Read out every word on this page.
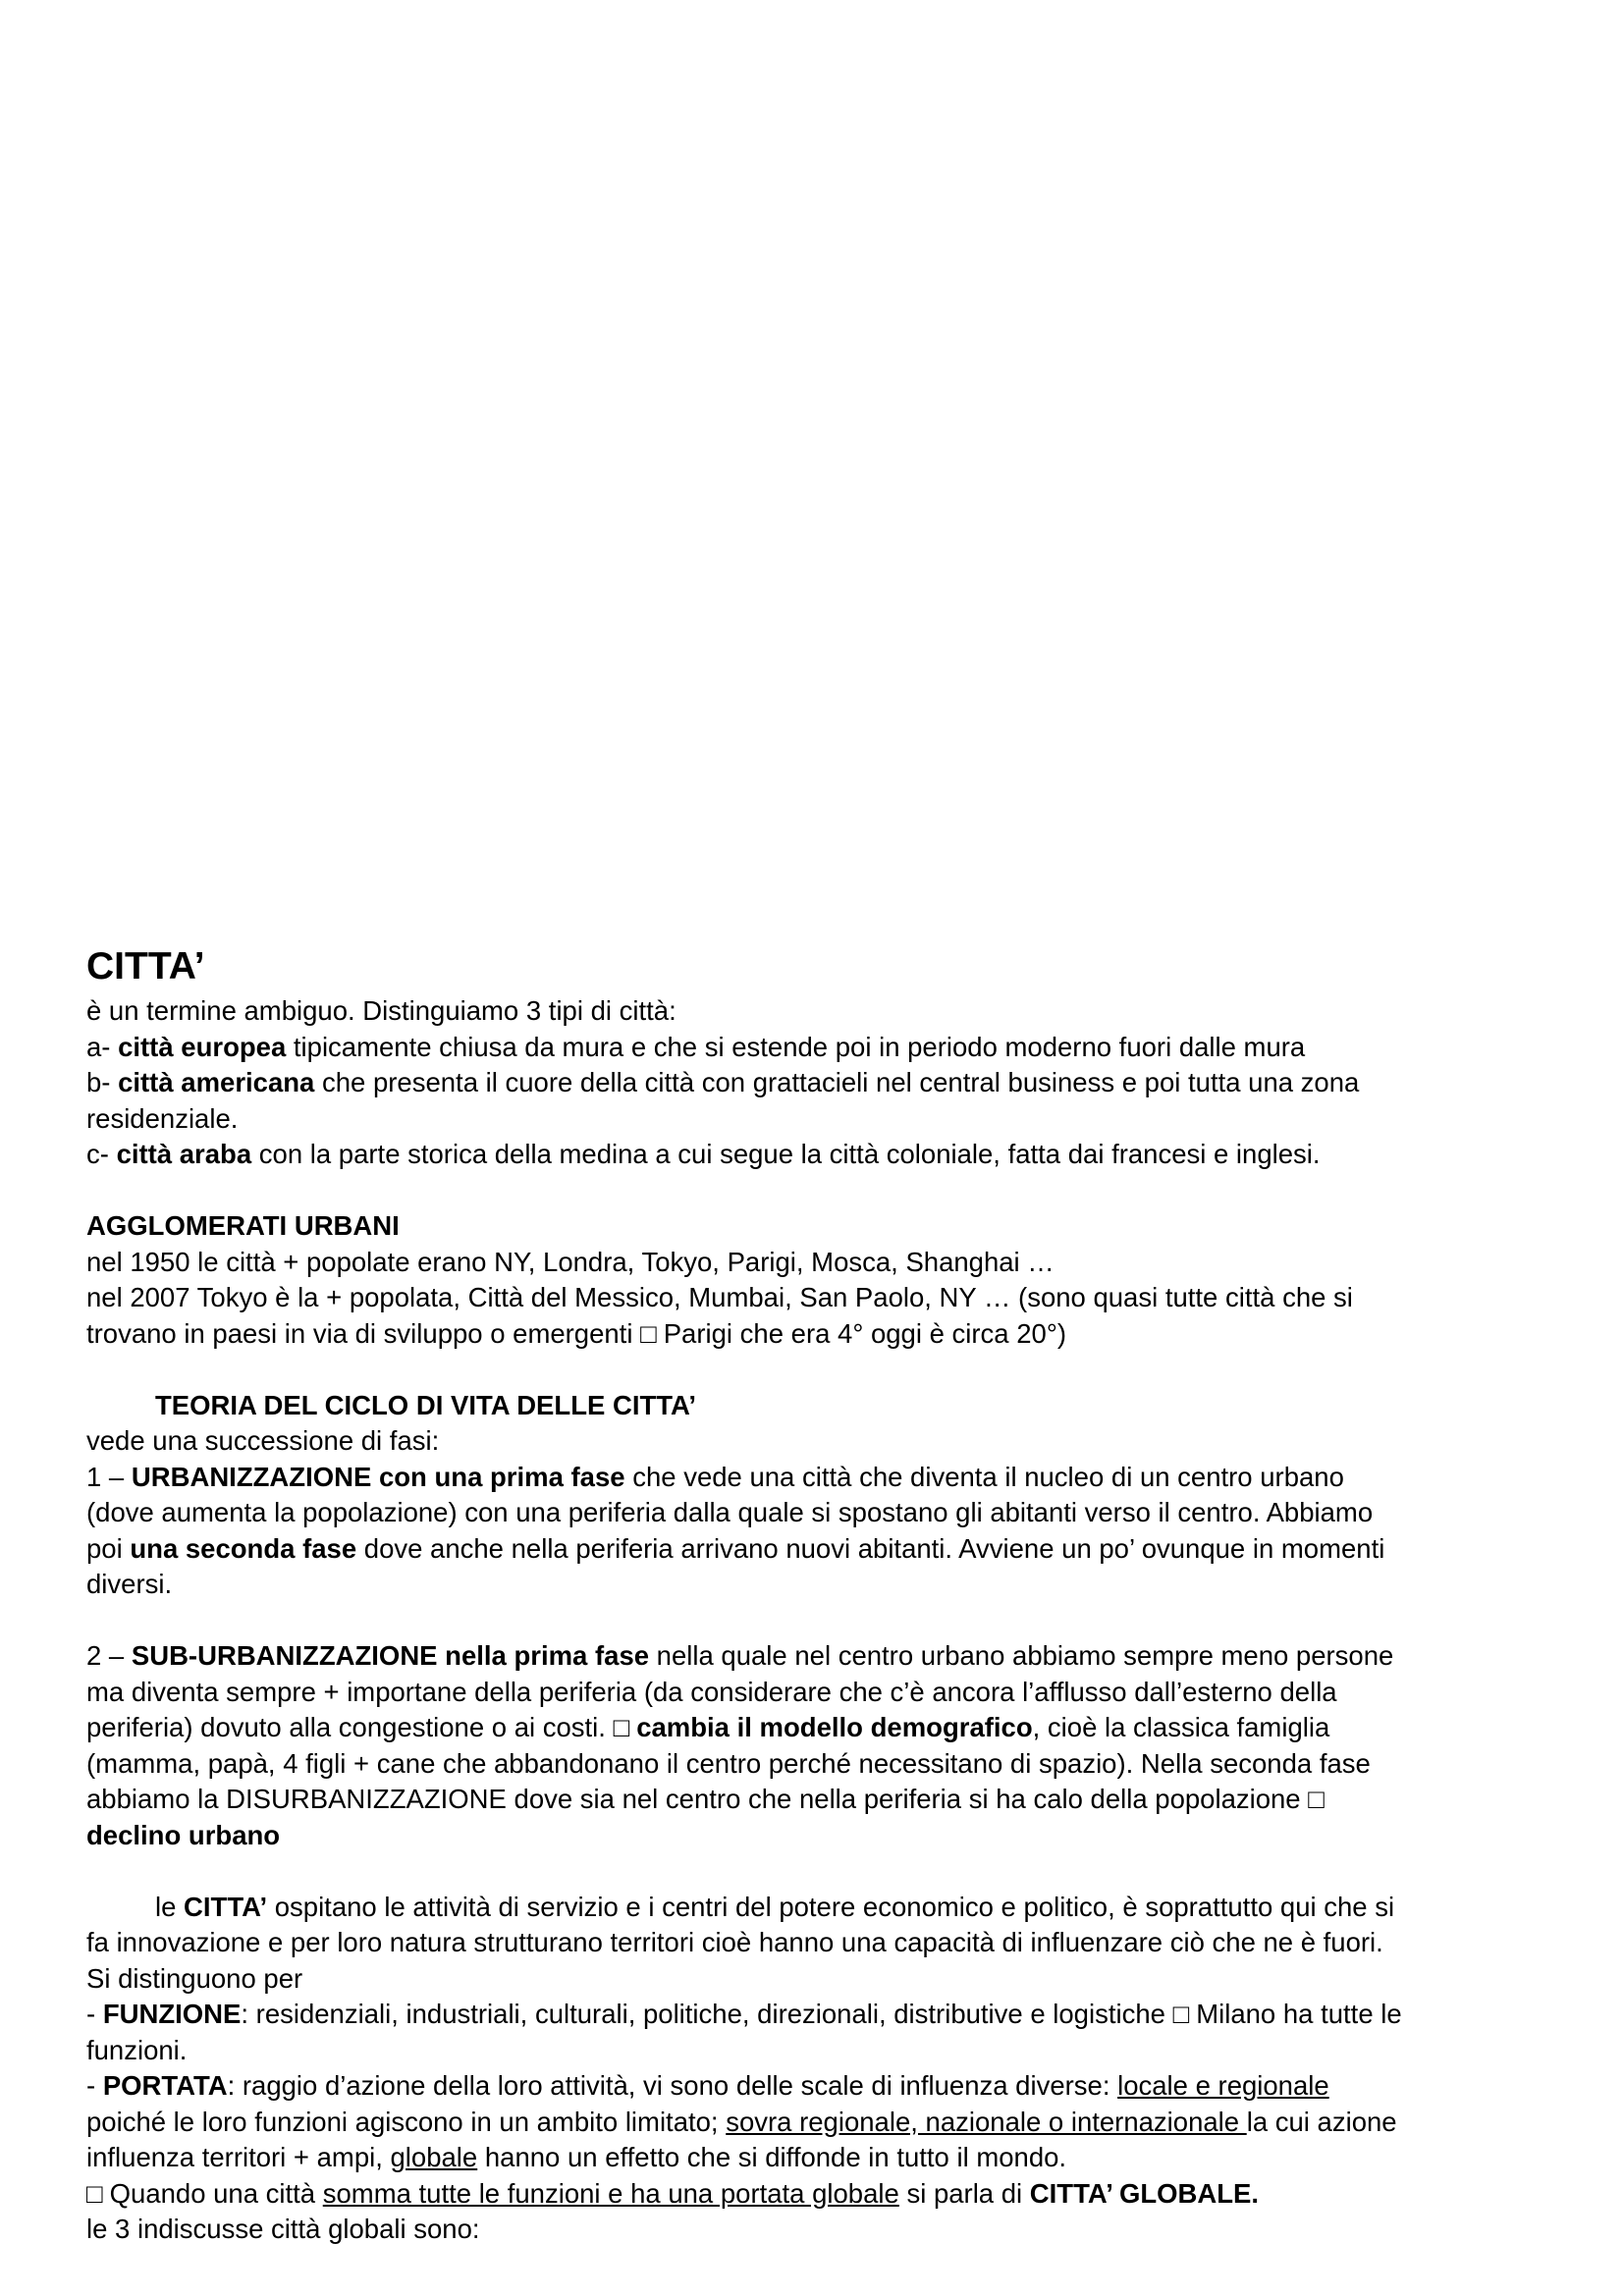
CITTA’
è un termine ambiguo. Distinguiamo 3 tipi di città:
a- città europea tipicamente chiusa da mura e che si estende poi in periodo moderno fuori dalle mura
b- città americana che presenta il cuore della città con grattacieli nel central business e poi tutta una zona
residenziale.
c- città araba con la parte storica della medina a cui segue la città coloniale, fatta dai francesi e inglesi.
AGGLOMERATI URBANI
nel 1950 le città + popolate erano NY, Londra, Tokyo, Parigi, Mosca, Shanghai …
nel 2007 Tokyo è la + popolata, Città del Messico, Mumbai, San Paolo, NY … (sono quasi tutte città che si
trovano in paesi in via di sviluppo o emergenti □ Parigi che era 4° oggi è circa 20°)
TEORIA DEL CICLO DI VITA DELLE CITTA’
vede una successione di fasi:
1 – URBANIZZAZIONE con una prima fase che vede una città che diventa il nucleo di un centro urbano
(dove aumenta la popolazione) con una periferia dalla quale si spostano gli abitanti verso il centro. Abbiamo
poi una seconda fase dove anche nella periferia arrivano nuovi abitanti. Avviene un po’ ovunque in momenti
diversi.
2 – SUB-URBANIZZAZIONE nella prima fase nella quale nel centro urbano abbiamo sempre meno persone
ma diventa sempre + importane della periferia (da considerare che c’è ancora l’afflusso dall’esterno della
periferia) dovuto alla congestione o ai costi. □ cambia il modello demografico, cioè la classica famiglia
(mamma, papà, 4 figli + cane che abbandonano il centro perché necessitano di spazio). Nella seconda fase
abbiamo la DISURBANIZZAZIONE dove sia nel centro che nella periferia si ha calo della popolazione □
declino urbano
le CITTA’ ospitano le attività di servizio e i centri del potere economico e politico, è soprattutto qui che si
fa innovazione e per loro natura strutturano territori cioè hanno una capacità di influenzare ciò che ne è fuori.
Si distinguono per
- FUNZIONE: residenziali, industriali, culturali, politiche, direzionali, distributive e logistiche □ Milano ha tutte le
funzioni.
- PORTATA: raggio d’azione della loro attività, vi sono delle scale di influenza diverse: locale e regionale
poiché le loro funzioni agiscono in un ambito limitato; sovra regionale, nazionale o internazionale la cui azione
influenza territori + ampi, globale hanno un effetto che si diffonde in tutto il mondo.
□ Quando una città somma tutte le funzioni e ha una portata globale si parla di CITTA’ GLOBALE.
le 3 indiscusse città globali sono:
